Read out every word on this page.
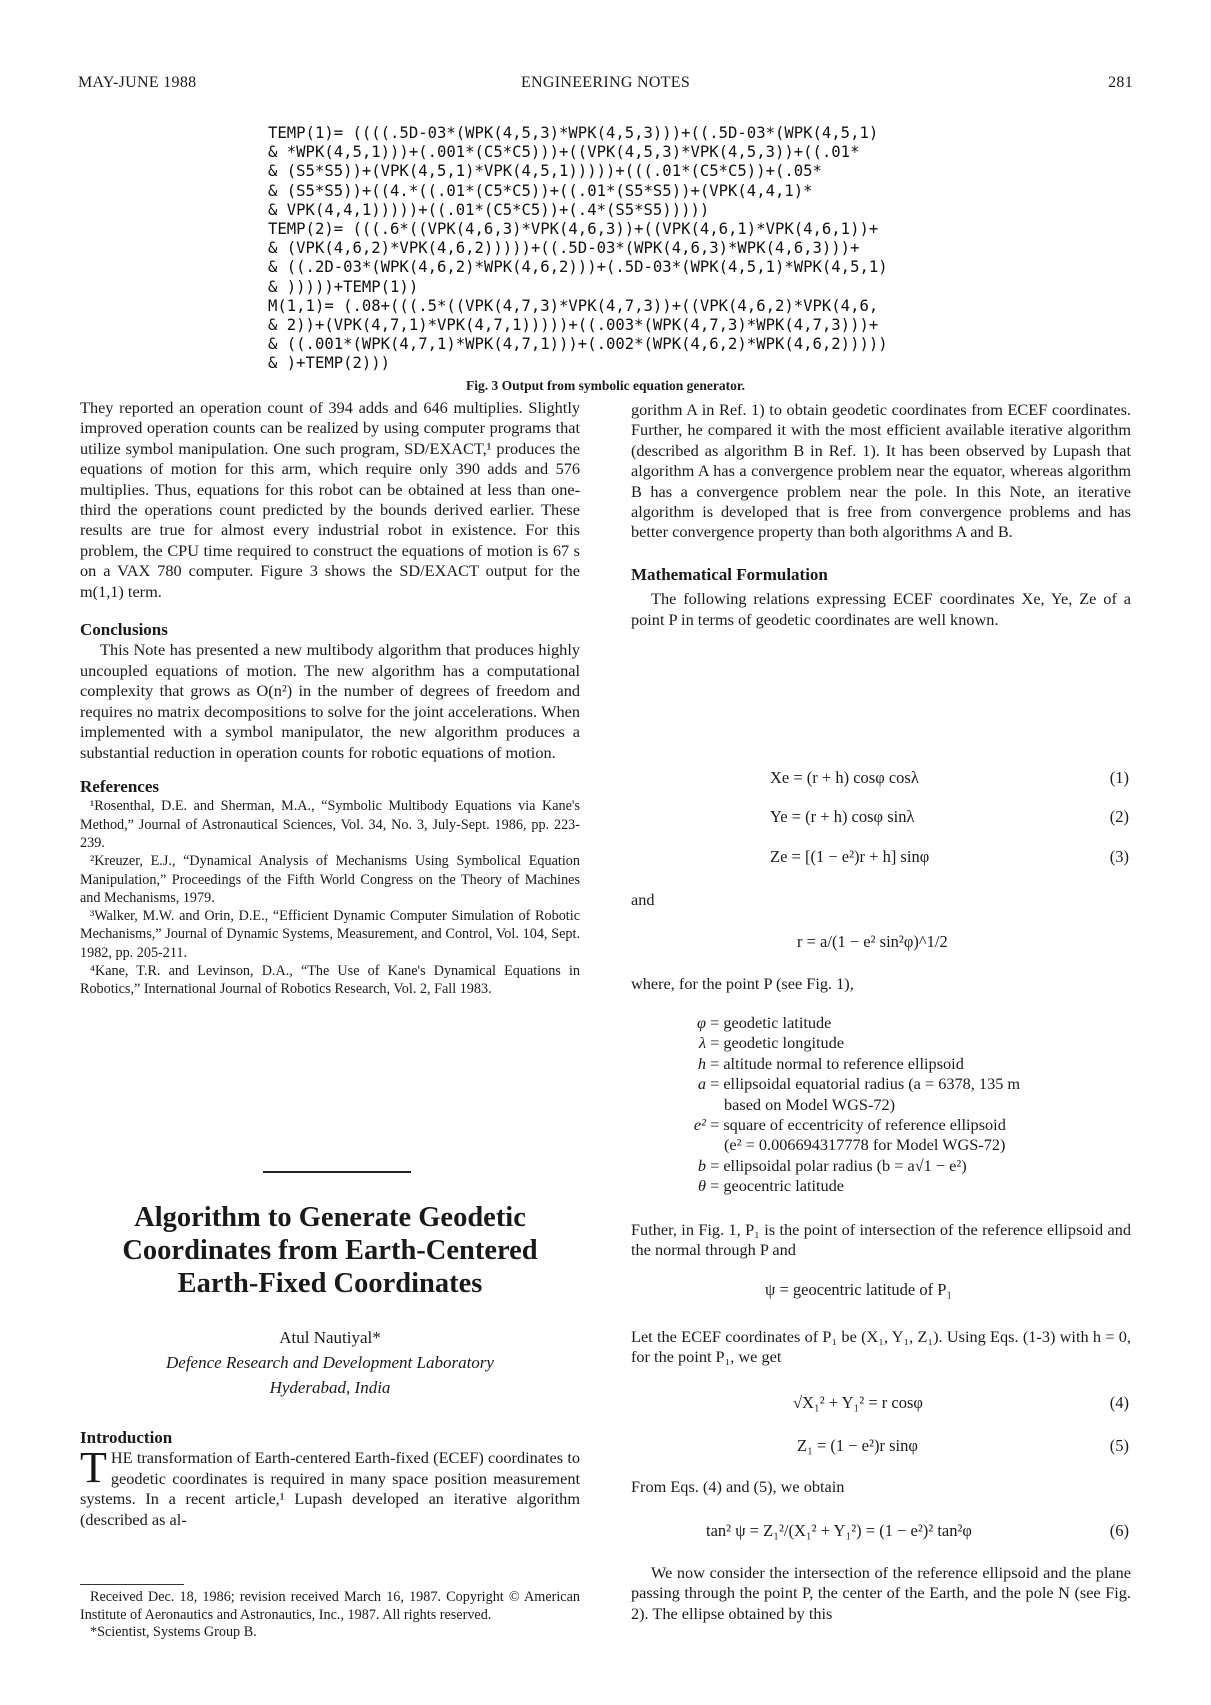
MAY-JUNE 1988	ENGINEERING NOTES	281
TEMP(1)= ((((.5D-03*(WPK(4,5,3)*WPK(4,5,3)))+((.5D-03*(WPK(4,5,1)
& *WPK(4,5,1)))+(.001*(C5*C5)))+((VPK(4,5,3)*VPK(4,5,3))+((.01*
& (S5*S5))+(VPK(4,5,1)*VPK(4,5,1)))))+(((.01*(C5*C5))+(.05*
& (S5*S5))+((4.*((.01*(C5*C5))+((.01*(S5*S5))+(VPK(4,4,1)*
& VPK(4,4,1)))))+((.01*(C5*C5))+(.4*(S5*S5)))))
TEMP(2)= (((.6*((VPK(4,6,3)*VPK(4,6,3))+((VPK(4,6,1)*VPK(4,6,1))+
& (VPK(4,6,2)*VPK(4,6,2)))))+((.5D-03*(WPK(4,6,3)*WPK(4,6,3)))+
& ((.2D-03*(WPK(4,6,2)*WPK(4,6,2)))+(.5D-03*(WPK(4,5,1)*WPK(4,5,1)
& )))))+TEMP(1))
M(1,1)= (.08+(((.5*((VPK(4,7,3)*VPK(4,7,3))+((VPK(4,6,2)*VPK(4,6,
& 2))+(VPK(4,7,1)*VPK(4,7,1)))))+((.003*(WPK(4,7,3)*WPK(4,7,3)))+
& ((.001*(WPK(4,7,1)*WPK(4,7,1)))+(.002*(WPK(4,6,2)*WPK(4,6,2)))))
& )+TEMP(2)))
Fig. 3 Output from symbolic equation generator.

They reported an operation count of 394 adds and 646 multiplies. Slightly improved operation counts can be realized by using computer programs that utilize symbol manipulation. One such program, SD/EXACT,¹ produces the equations of motion for this arm, which require only 390 adds and 576 multiplies. Thus, equations for this robot can be obtained at less than one-third the operations count predicted by the bounds derived earlier. These results are true for almost every industrial robot in existence. For this problem, the CPU time required to construct the equations of motion is 67 s on a VAX 780 computer. Figure 3 shows the SD/EXACT output for the m(1,1) term.

Conclusions

This Note has presented a new multibody algorithm that produces highly uncoupled equations of motion. The new algorithm has a computational complexity that grows as O(n²) in the number of degrees of freedom and requires no matrix decompositions to solve for the joint accelerations. When implemented with a symbol manipulator, the new algorithm produces a substantial reduction in operation counts for robotic equations of motion.

References

¹Rosenthal, D.E. and Sherman, M.A., “Symbolic Multibody Equations via Kane's Method,” Journal of Astronautical Sciences, Vol. 34, No. 3, July-Sept. 1986, pp. 223-239.

²Kreuzer, E.J., “Dynamical Analysis of Mechanisms Using Symbolical Equation Manipulation,” Proceedings of the Fifth World Congress on the Theory of Machines and Mechanisms, 1979.

³Walker, M.W. and Orin, D.E., “Efficient Dynamic Computer Simulation of Robotic Mechanisms,” Journal of Dynamic Systems, Measurement, and Control, Vol. 104, Sept. 1982, pp. 205-211.

⁴Kane, T.R. and Levinson, D.A., “The Use of Kane's Dynamical Equations in Robotics,” International Journal of Robotics Research, Vol. 2, Fall 1983.

Algorithm to Generate Geodetic Coordinates from Earth-Centered Earth-Fixed Coordinates
Atul Nautiyal*
Defence Research and Development Laboratory
Hyderabad, India

Introduction

THE transformation of Earth-centered Earth-fixed (ECEF) coordinates to geodetic coordinates is required in many space position measurement systems. In a recent article,¹ Lupash developed an iterative algorithm (described as al-

Received Dec. 18, 1986; revision received March 16, 1987. Copyright © American Institute of Aeronautics and Astronautics, Inc., 1987. All rights reserved.

*Scientist, Systems Group B.

gorithm A in Ref. 1) to obtain geodetic coordinates from ECEF coordinates. Further, he compared it with the most efficient available iterative algorithm (described as algorithm B in Ref. 1). It has been observed by Lupash that algorithm A has a convergence problem near the equator, whereas algorithm B has a convergence problem near the pole. In this Note, an iterative algorithm is developed that is free from convergence problems and has better convergence property than both algorithms A and B.

Mathematical Formulation

The following relations expressing ECEF coordinates Xe, Ye, Ze of a point P in terms of geodetic coordinates are well known.

Xe = (r + h) cosφ cosλ	(1)
Ye = (r + h) cosφ sinλ	(2)
Ze = [(1 − e²)r + h] sinφ	(3)
and
r = a/(1 − e² sin²φ)^1/2
where, for the point P (see Fig. 1),
φ = geodetic latitude
λ = geodetic longitude
h = altitude normal to reference ellipsoid
a = ellipsoidal equatorial radius (a = 6378, 135 m
based on Model WGS-72)
e² = square of eccentricity of reference ellipsoid
(e² = 0.006694317778 for Model WGS-72)
b = ellipsoidal polar radius (b = a√1 − e²)
θ = geocentric latitude

Futher, in Fig. 1, P₁ is the point of intersection of the reference ellipsoid and the normal through P and

ψ = geocentric latitude of P₁

Let the ECEF coordinates of P₁ be (X₁, Y₁, Z₁). Using Eqs. (1-3) with h = 0, for the point P₁, we get

√X₁² + Y₁² = r cosφ	(4)
Z₁ = (1 − e²)r sinφ	(5)
From Eqs. (4) and (5), we obtain
tan² ψ = Z₁²/(X₁² + Y₁²) = (1 − e²)² tan²φ	(6)

We now consider the intersection of the reference ellipsoid and the plane passing through the point P, the center of the Earth, and the pole N (see Fig. 2). The ellipse obtained by this
